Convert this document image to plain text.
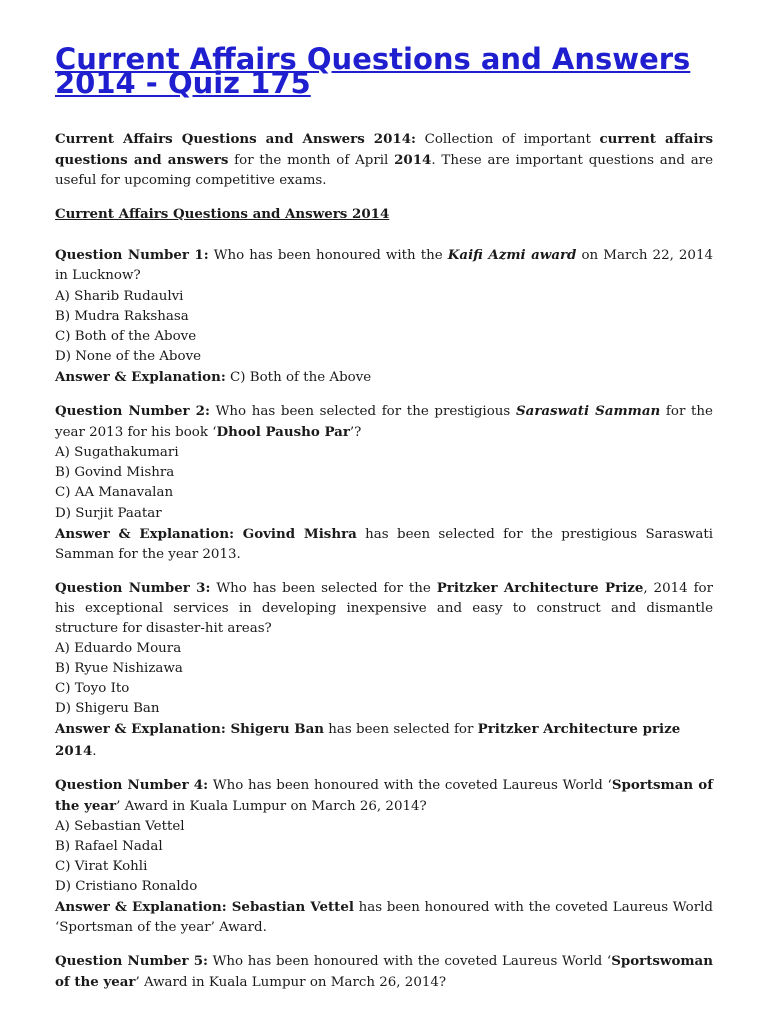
Current Affairs Questions and Answers 2014 - Quiz 175

Current Affairs Questions and Answers 2014: Collection of important current affairs questions and answers for the month of April 2014. These are important questions and are useful for upcoming competitive exams.

Current Affairs Questions and Answers 2014

Question Number 1: Who has been honoured with the Kaifi Azmi award on March 22, 2014 in Lucknow?

A) Sharib Rudaulvi

B) Mudra Rakshasa

C) Both of the Above

D) None of the Above

Answer & Explanation: C) Both of the Above

Question Number 2: Who has been selected for the prestigious Saraswati Samman for the year 2013 for his book ‘Dhool Pausho Par’?

A) Sugathakumari

B) Govind Mishra

C) AA Manavalan

D) Surjit Paatar

Answer & Explanation: Govind Mishra has been selected for the prestigious Saraswati Samman for the year 2013.

Question Number 3: Who has been selected for the Pritzker Architecture Prize, 2014 for his exceptional services in developing inexpensive and easy to construct and dismantle structure for disaster-hit areas?

A) Eduardo Moura

B) Ryue Nishizawa

C) Toyo Ito

D) Shigeru Ban

Answer & Explanation: Shigeru Ban has been selected for Pritzker Architecture prize 2014.

Question Number 4: Who has been honoured with the coveted Laureus World ‘Sportsman of the year’ Award in Kuala Lumpur on March 26, 2014?

A) Sebastian Vettel

B) Rafael Nadal

C) Virat Kohli

D) Cristiano Ronaldo

Answer & Explanation: Sebastian Vettel has been honoured with the coveted Laureus World ‘Sportsman of the year’ Award.

Question Number 5: Who has been honoured with the coveted Laureus World ‘Sportswoman of the year’ Award in Kuala Lumpur on March 26, 2014?
